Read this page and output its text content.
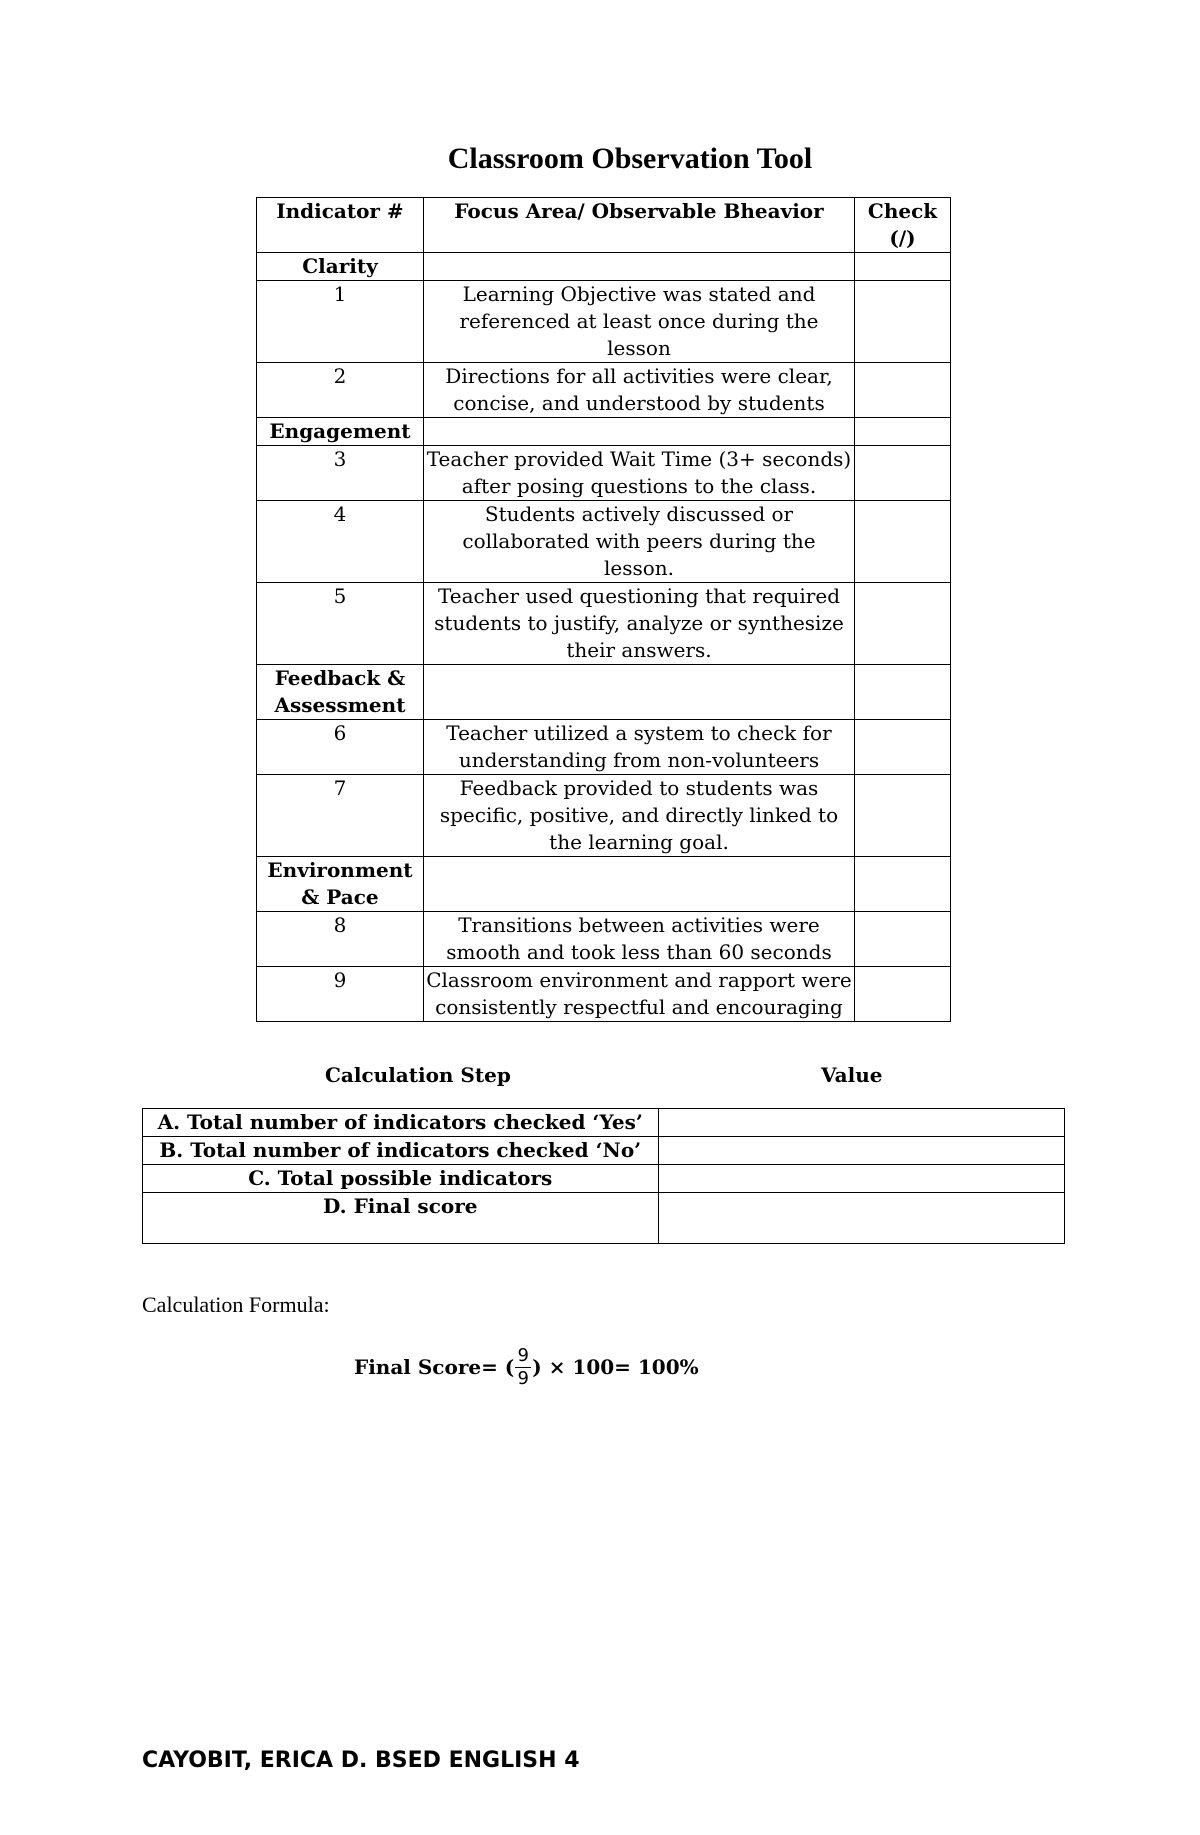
Classroom Observation Tool
Indicator #	Focus Area/ Observable Bheavior	Check (/)
Clarity		
1	Learning Objective was stated and referenced at least once during the lesson	
2	Directions for all activities were clear, concise, and understood by students	
Engagement		
3	Teacher provided Wait Time (3+ seconds) after posing questions to the class.	
4	Students actively discussed or collaborated with peers during the lesson.	
5	Teacher used questioning that required students to justify, analyze or synthesize their answers.	
Feedback & Assessment		
6	Teacher utilized a system to check for understanding from non-volunteers	
7	Feedback provided to students was specific, positive, and directly linked to the learning goal.	
Environment & Pace		
8	Transitions between activities were smooth and took less than 60 seconds	
9	Classroom environment and rapport were consistently respectful and encouraging	
Calculation Step	Value
A. Total number of indicators checked ‘Yes’	
B. Total number of indicators checked ‘No’	
C. Total possible indicators	
D. Final score	
Calculation Formula:
Final Score= ( $\frac{9}{9}$ ) × 100= 100%
CAYOBIT, ERICA D. BSED ENGLISH 4
